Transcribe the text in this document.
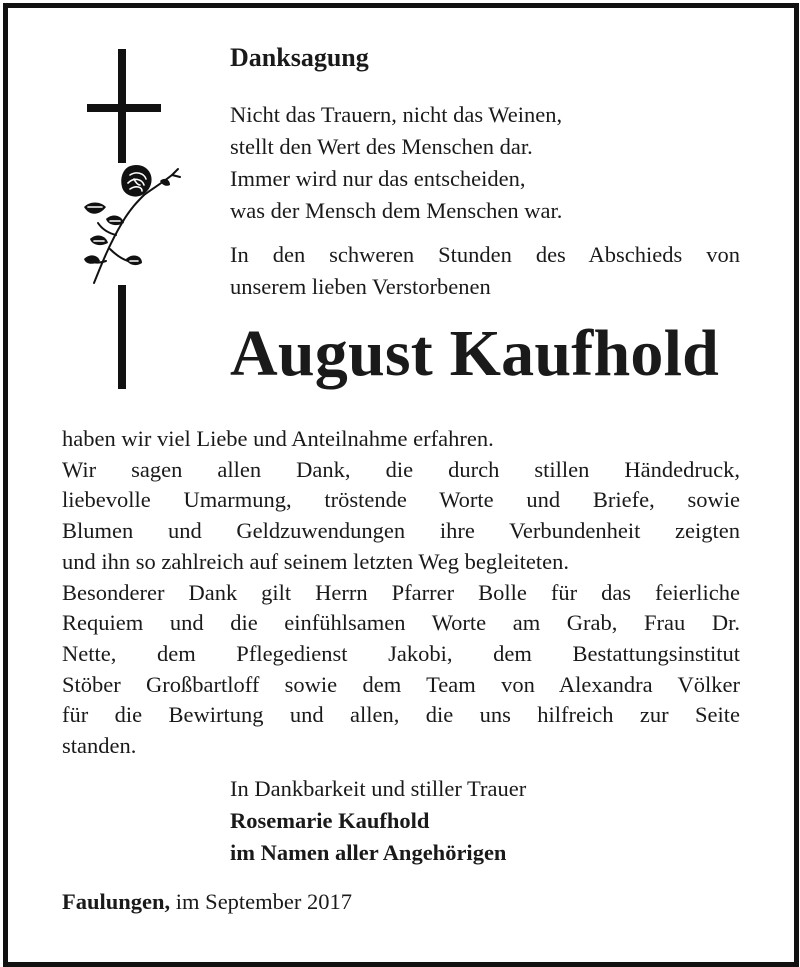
Danksagung
Nicht das Trauern, nicht das Weinen,
stellt den Wert des Menschen dar.
Immer wird nur das entscheiden,
was der Mensch dem Menschen war.
In den schweren Stunden des Abschieds von
unserem lieben Verstorbenen
August Kaufhold
haben wir viel Liebe und Anteilnahme erfahren.
Wir sagen allen Dank, die durch stillen Händedruck,
liebevolle Umarmung, tröstende Worte und Briefe, sowie
Blumen und Geldzuwendungen ihre Verbundenheit zeigten
und ihn so zahlreich auf seinem letzten Weg begleiteten.
Besonderer Dank gilt Herrn Pfarrer Bolle für das feierliche
Requiem und die einfühlsamen Worte am Grab, Frau Dr.
Nette, dem Pflegedienst Jakobi, dem Bestattungsinstitut
Stöber Großbartloff sowie dem Team von Alexandra Völker
für die Bewirtung und allen, die uns hilfreich zur Seite
standen.
In Dankbarkeit und stiller Trauer
Rosemarie Kaufhold
im Namen aller Angehörigen
Faulungen, im September 2017
